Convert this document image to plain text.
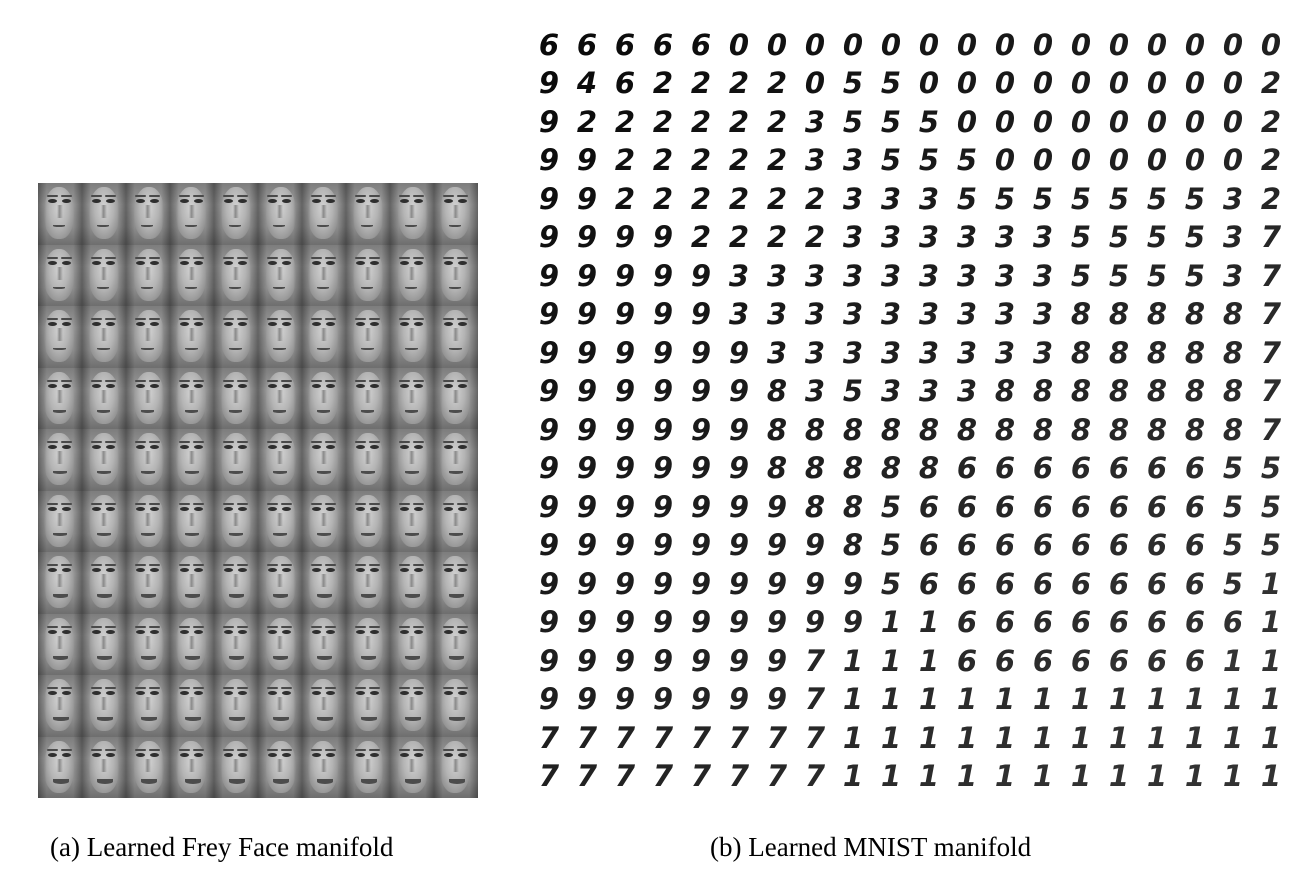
6 6 6 6 6 0 0 0 0 0 0 0 0 0 0 0 0 0 0 0
9 4 6 2 2 2 2 0 5 5 0 0 0 0 0 0 0 0 0 2
9 2 2 2 2 2 2 3 5 5 5 0 0 0 0 0 0 0 0 2
9 9 2 2 2 2 2 3 3 5 5 5 0 0 0 0 0 0 0 2
9 9 2 2 2 2 2 2 3 3 3 5 5 5 5 5 5 5 3 2
9 9 9 9 2 2 2 2 3 3 3 3 3 3 5 5 5 5 3 7
9 9 9 9 9 3 3 3 3 3 3 3 3 3 5 5 5 5 3 7
9 9 9 9 9 3 3 3 3 3 3 3 3 3 8 8 8 8 8 7
9 9 9 9 9 9 3 3 3 3 3 3 3 3 8 8 8 8 8 7
9 9 9 9 9 9 8 3 5 3 3 3 8 8 8 8 8 8 8 7
9 9 9 9 9 9 8 8 8 8 8 8 8 8 8 8 8 8 8 7
9 9 9 9 9 9 8 8 8 8 8 6 6 6 6 6 6 6 5 5
9 9 9 9 9 9 9 8 8 5 6 6 6 6 6 6 6 6 5 5
9 9 9 9 9 9 9 9 8 5 6 6 6 6 6 6 6 6 5 5
9 9 9 9 9 9 9 9 9 5 6 6 6 6 6 6 6 6 5 1
9 9 9 9 9 9 9 9 9 1 1 6 6 6 6 6 6 6 6 1
9 9 9 9 9 9 9 7 1 1 1 6 6 6 6 6 6 6 1 1
9 9 9 9 9 9 9 7 1 1 1 1 1 1 1 1 1 1 1 1
7 7 7 7 7 7 7 7 1 1 1 1 1 1 1 1 1 1 1 1
7 7 7 7 7 7 7 7 1 1 1 1 1 1 1 1 1 1 1 1
(a) Learned Frey Face manifold	(b) Learned MNIST manifold
